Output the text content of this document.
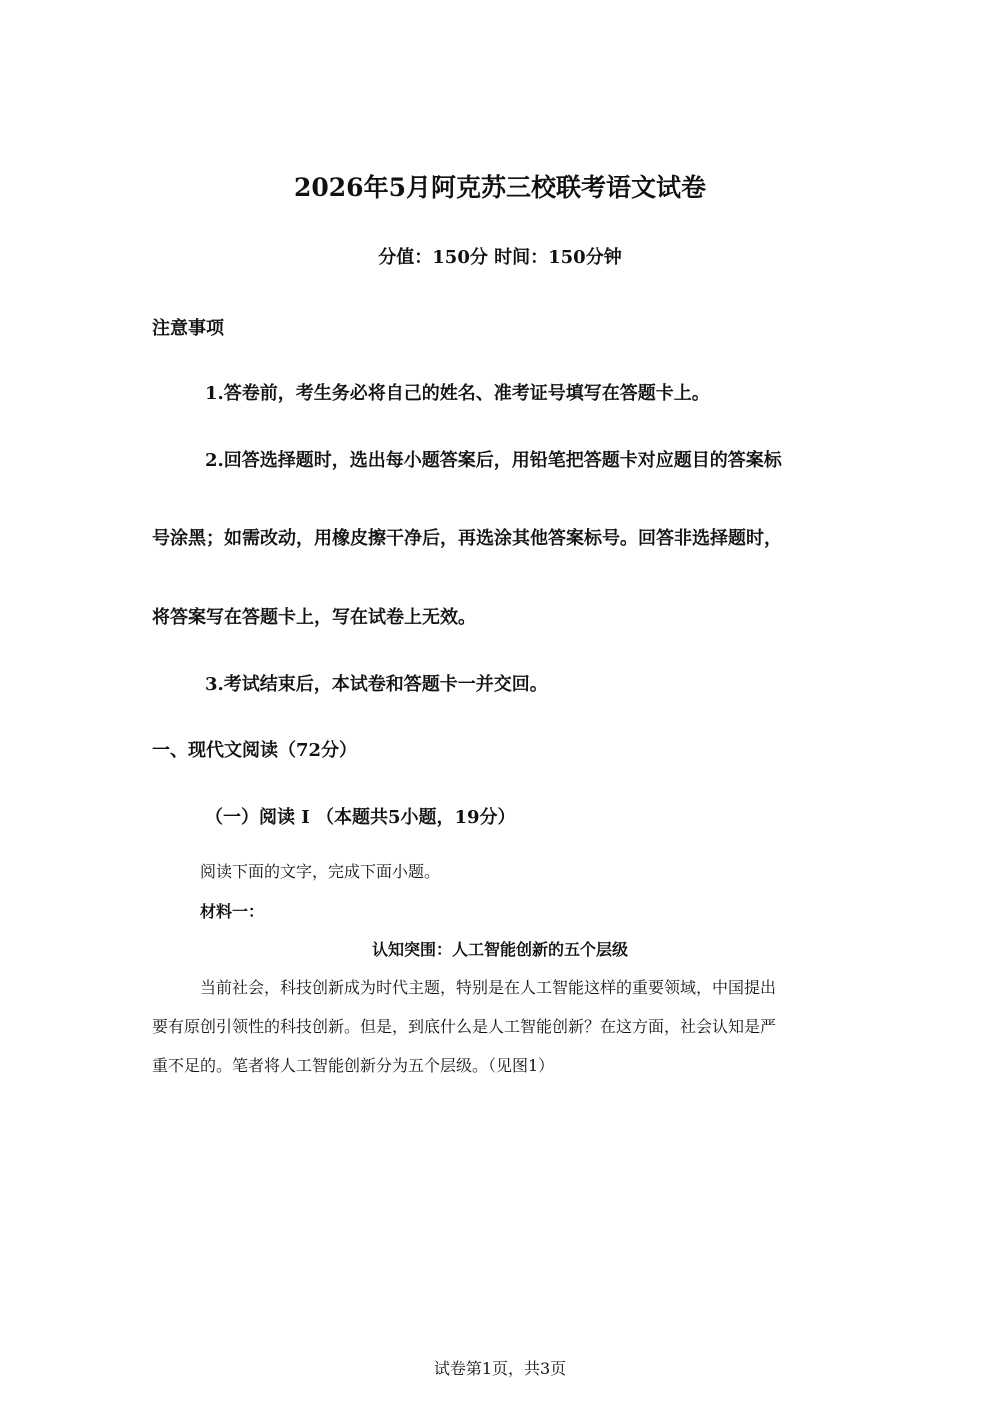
2026年5月阿克苏三校联考语文试卷
分值：150分 时间：150分钟
注意事项
1.答卷前，考生务必将自己的姓名、准考证号填写在答题卡上。
2.回答选择题时，选出每小题答案后，用铅笔把答题卡对应题目的答案标
号涂黑；如需改动，用橡皮擦干净后，再选涂其他答案标号。回答非选择题时，
将答案写在答题卡上，写在试卷上无效。
3.考试结束后，本试卷和答题卡一并交回。
一、现代文阅读（72分）
（一）阅读 I （本题共5小题，19分）
阅读下面的文字，完成下面小题。
材料一：
认知突围：人工智能创新的五个层级
当前社会，科技创新成为时代主题，特别是在人工智能这样的重要领域，中国提出
要有原创引领性的科技创新。但是，到底什么是人工智能创新？在这方面，社会认知是严
重不足的。笔者将人工智能创新分为五个层级。（见图1）
试卷第1页，共3页
